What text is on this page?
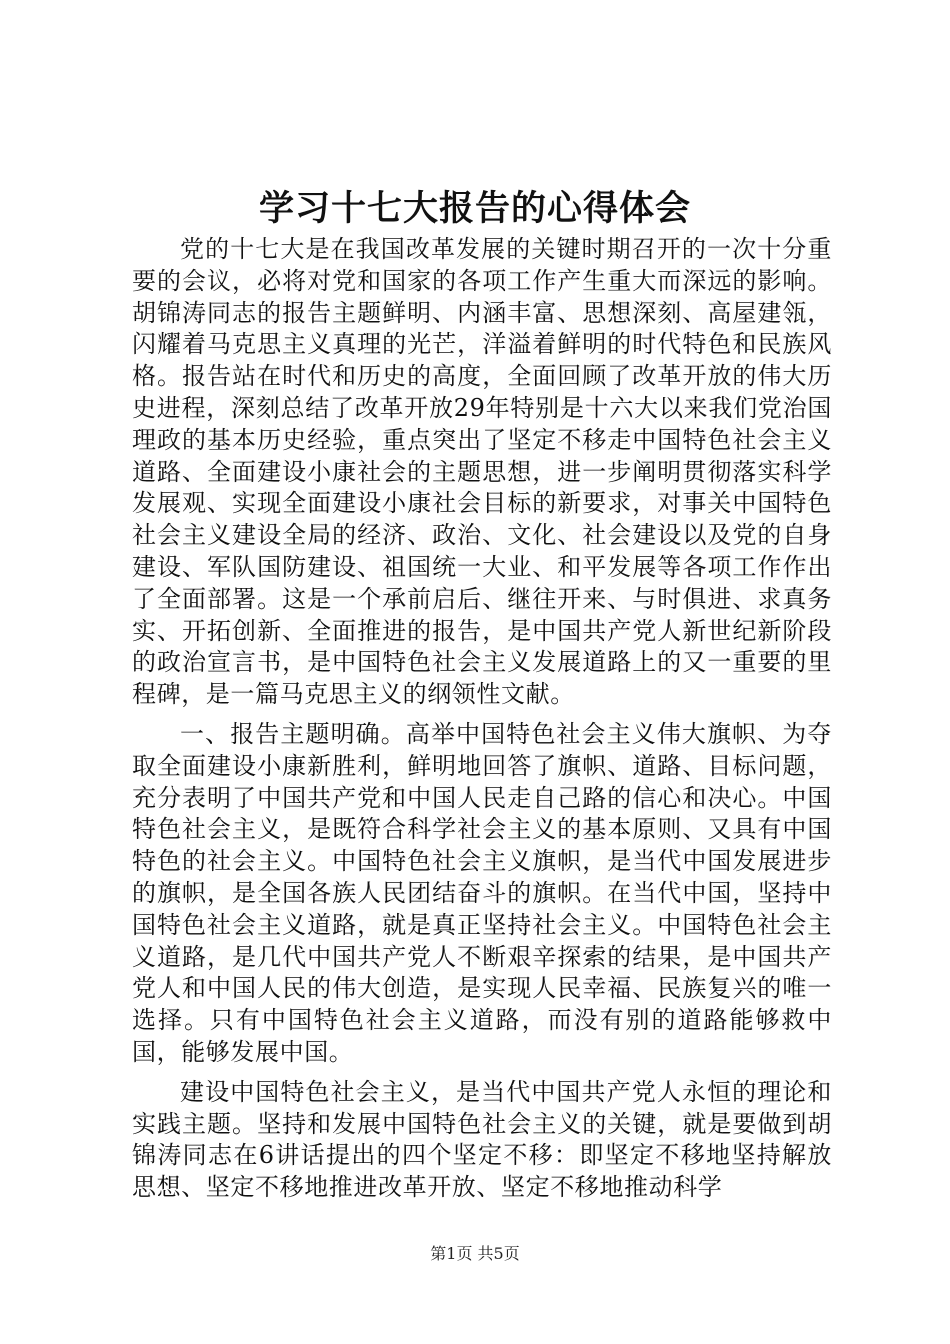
学习十七大报告的心得体会

党的十七大是在我国改革发展的关键时期召开的一次十分重要的会议，必将对党和国家的各项工作产生重大而深远的影响。胡锦涛同志的报告主题鲜明、内涵丰富、思想深刻、高屋建瓴，闪耀着马克思主义真理的光芒，洋溢着鲜明的时代特色和民族风格。报告站在时代和历史的高度，全面回顾了改革开放的伟大历史进程，深刻总结了改革开放29年特别是十六大以来我们党治国理政的基本历史经验，重点突出了坚定不移走中国特色社会主义道路、全面建设小康社会的主题思想，进一步阐明贯彻落实科学发展观、实现全面建设小康社会目标的新要求，对事关中国特色社会主义建设全局的经济、政治、文化、社会建设以及党的自身建设、军队国防建设、祖国统一大业、和平发展等各项工作作出了全面部署。这是一个承前启后、继往开来、与时俱进、求真务实、开拓创新、全面推进的报告，是中国共产党人新世纪新阶段的政治宣言书，是中国特色社会主义发展道路上的又一重要的里程碑，是一篇马克思主义的纲领性文献。

一、报告主题明确。高举中国特色社会主义伟大旗帜、为夺取全面建设小康新胜利，鲜明地回答了旗帜、道路、目标问题，充分表明了中国共产党和中国人民走自己路的信心和决心。中国特色社会主义，是既符合科学社会主义的基本原则、又具有中国特色的社会主义。中国特色社会主义旗帜，是当代中国发展进步的旗帜，是全国各族人民团结奋斗的旗帜。在当代中国，坚持中国特色社会主义道路，就是真正坚持社会主义。中国特色社会主义道路，是几代中国共产党人不断艰辛探索的结果，是中国共产党人和中国人民的伟大创造，是实现人民幸福、民族复兴的唯一选择。只有中国特色社会主义道路，而没有别的道路能够救中国，能够发展中国。

建设中国特色社会主义，是当代中国共产党人永恒的理论和实践主题。坚持和发展中国特色社会主义的关键，就是要做到胡锦涛同志在6讲话提出的四个坚定不移：即坚定不移地坚持解放思想、坚定不移地推进改革开放、坚定不移地推动科学

第1页 共5页
